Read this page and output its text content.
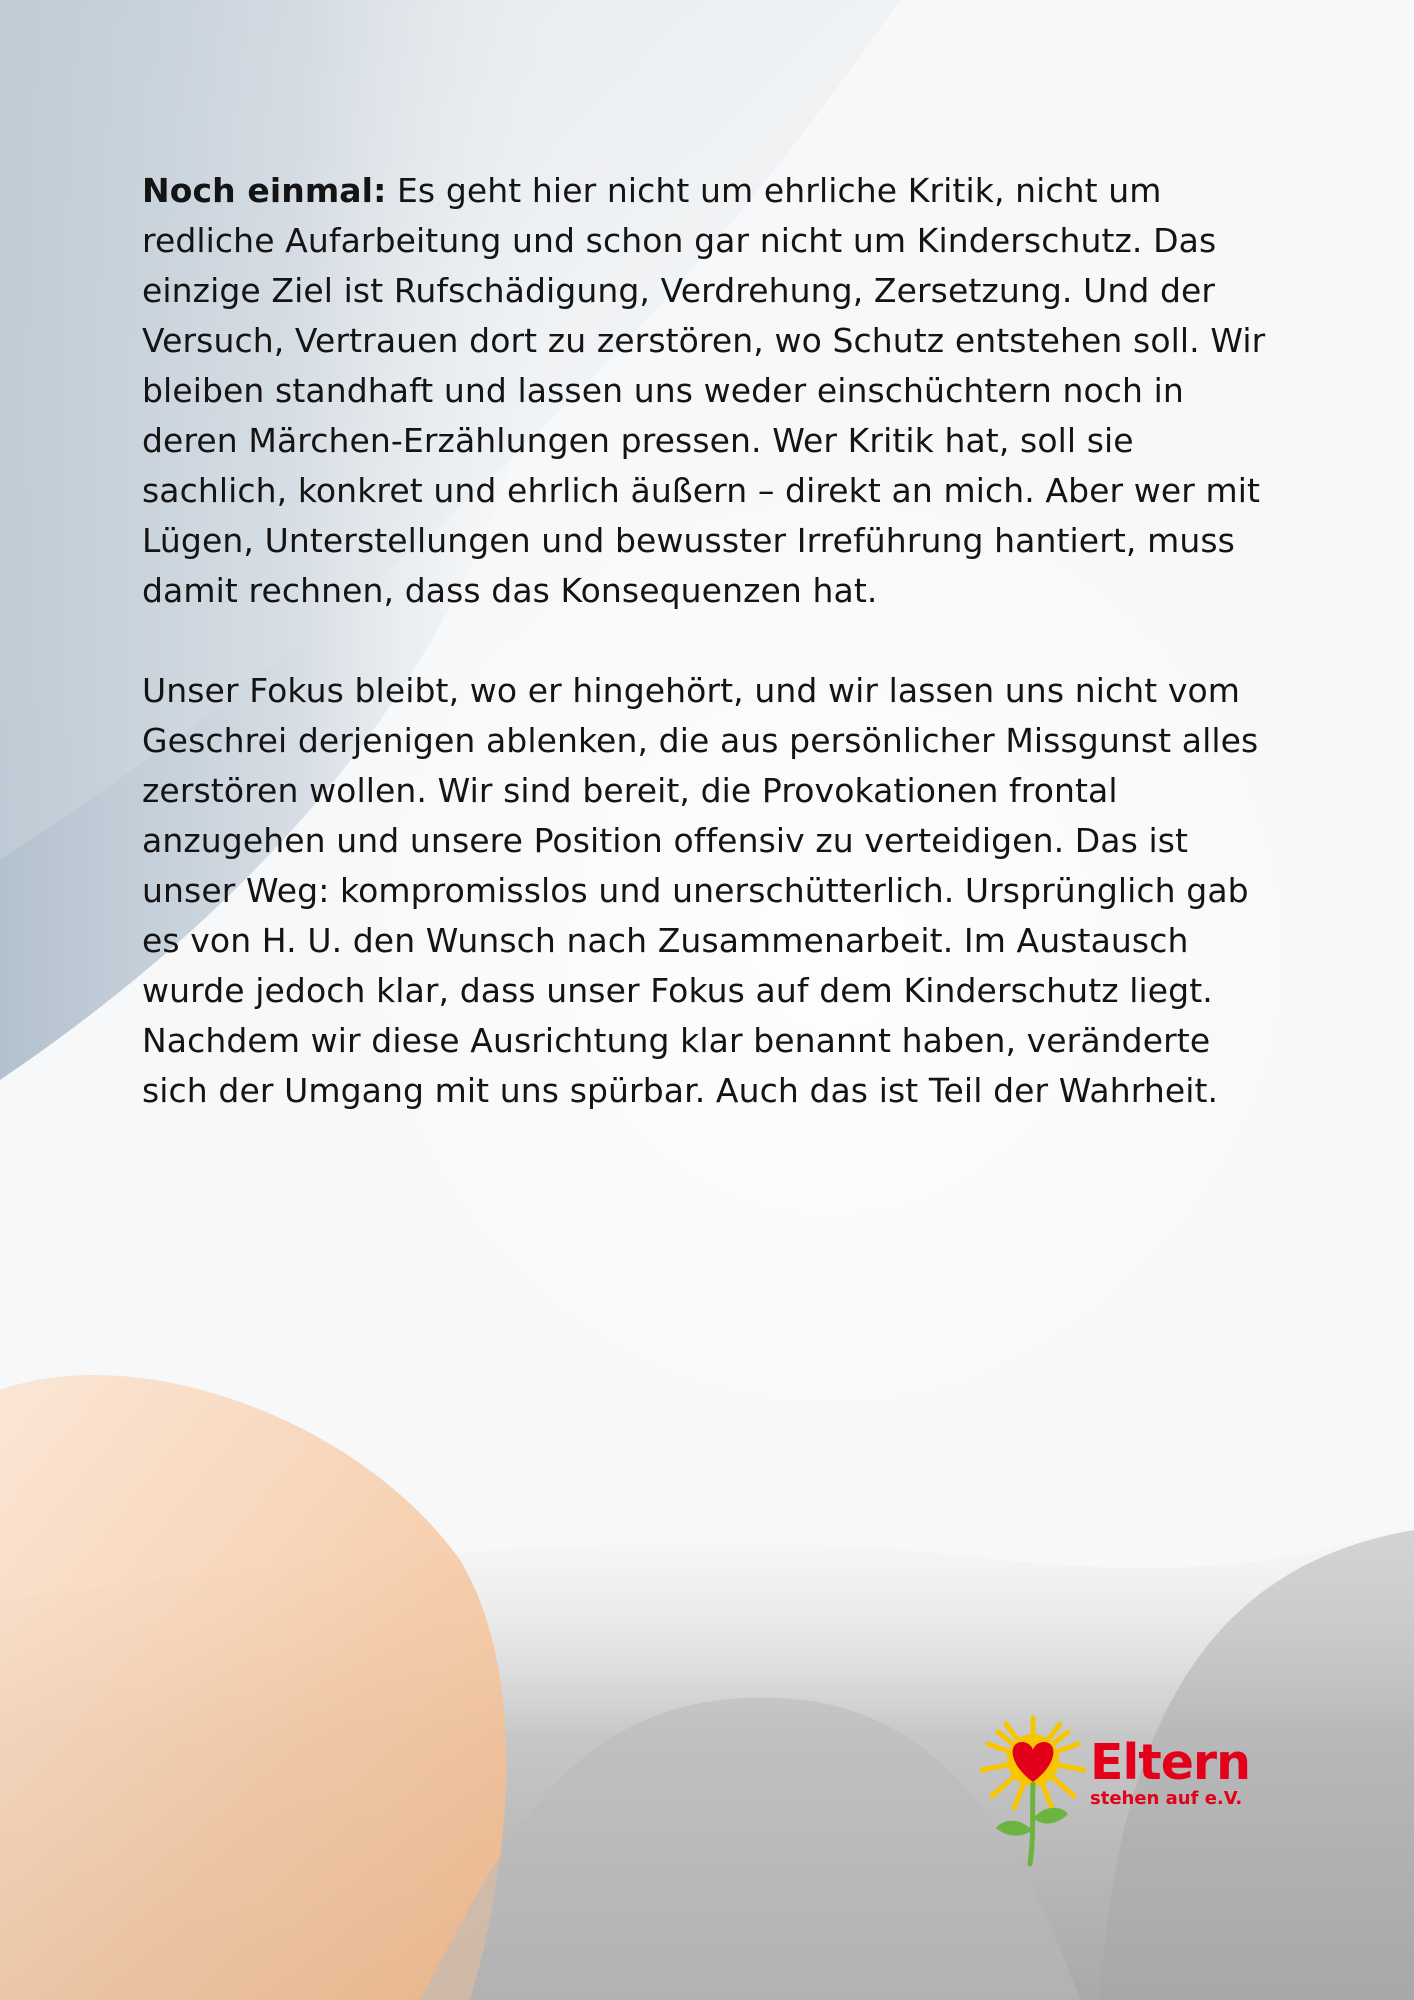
Noch einmal: Es geht hier nicht um ehrliche Kritik, nicht um redliche Aufarbeitung und schon gar nicht um Kinderschutz. Das einzige Ziel ist Rufschädigung, Verdrehung, Zersetzung. Und der Versuch, Vertrauen dort zu zerstören, wo Schutz entstehen soll. Wir bleiben standhaft und lassen uns weder einschüchtern noch in deren Märchen-Erzählungen pressen. Wer Kritik hat, soll sie sachlich, konkret und ehrlich äußern – direkt an mich. Aber wer mit Lügen, Unterstellungen und bewusster Irreführung hantiert, muss damit rechnen, dass das Konsequenzen hat.

Unser Fokus bleibt, wo er hingehört, und wir lassen uns nicht vom Geschrei derjenigen ablenken, die aus persönlicher Missgunst alles zerstören wollen. Wir sind bereit, die Provokationen frontal anzugehen und unsere Position offensiv zu verteidigen. Das ist unser Weg: kompromisslos und unerschütterlich. Ursprünglich gab es von H. U. den Wunsch nach Zusammenarbeit. Im Austausch wurde jedoch klar, dass unser Fokus auf dem Kinderschutz liegt. Nachdem wir diese Ausrichtung klar benannt haben, veränderte sich der Umgang mit uns spürbar. Auch das ist Teil der Wahrheit.

Eltern
stehen auf e.V.
